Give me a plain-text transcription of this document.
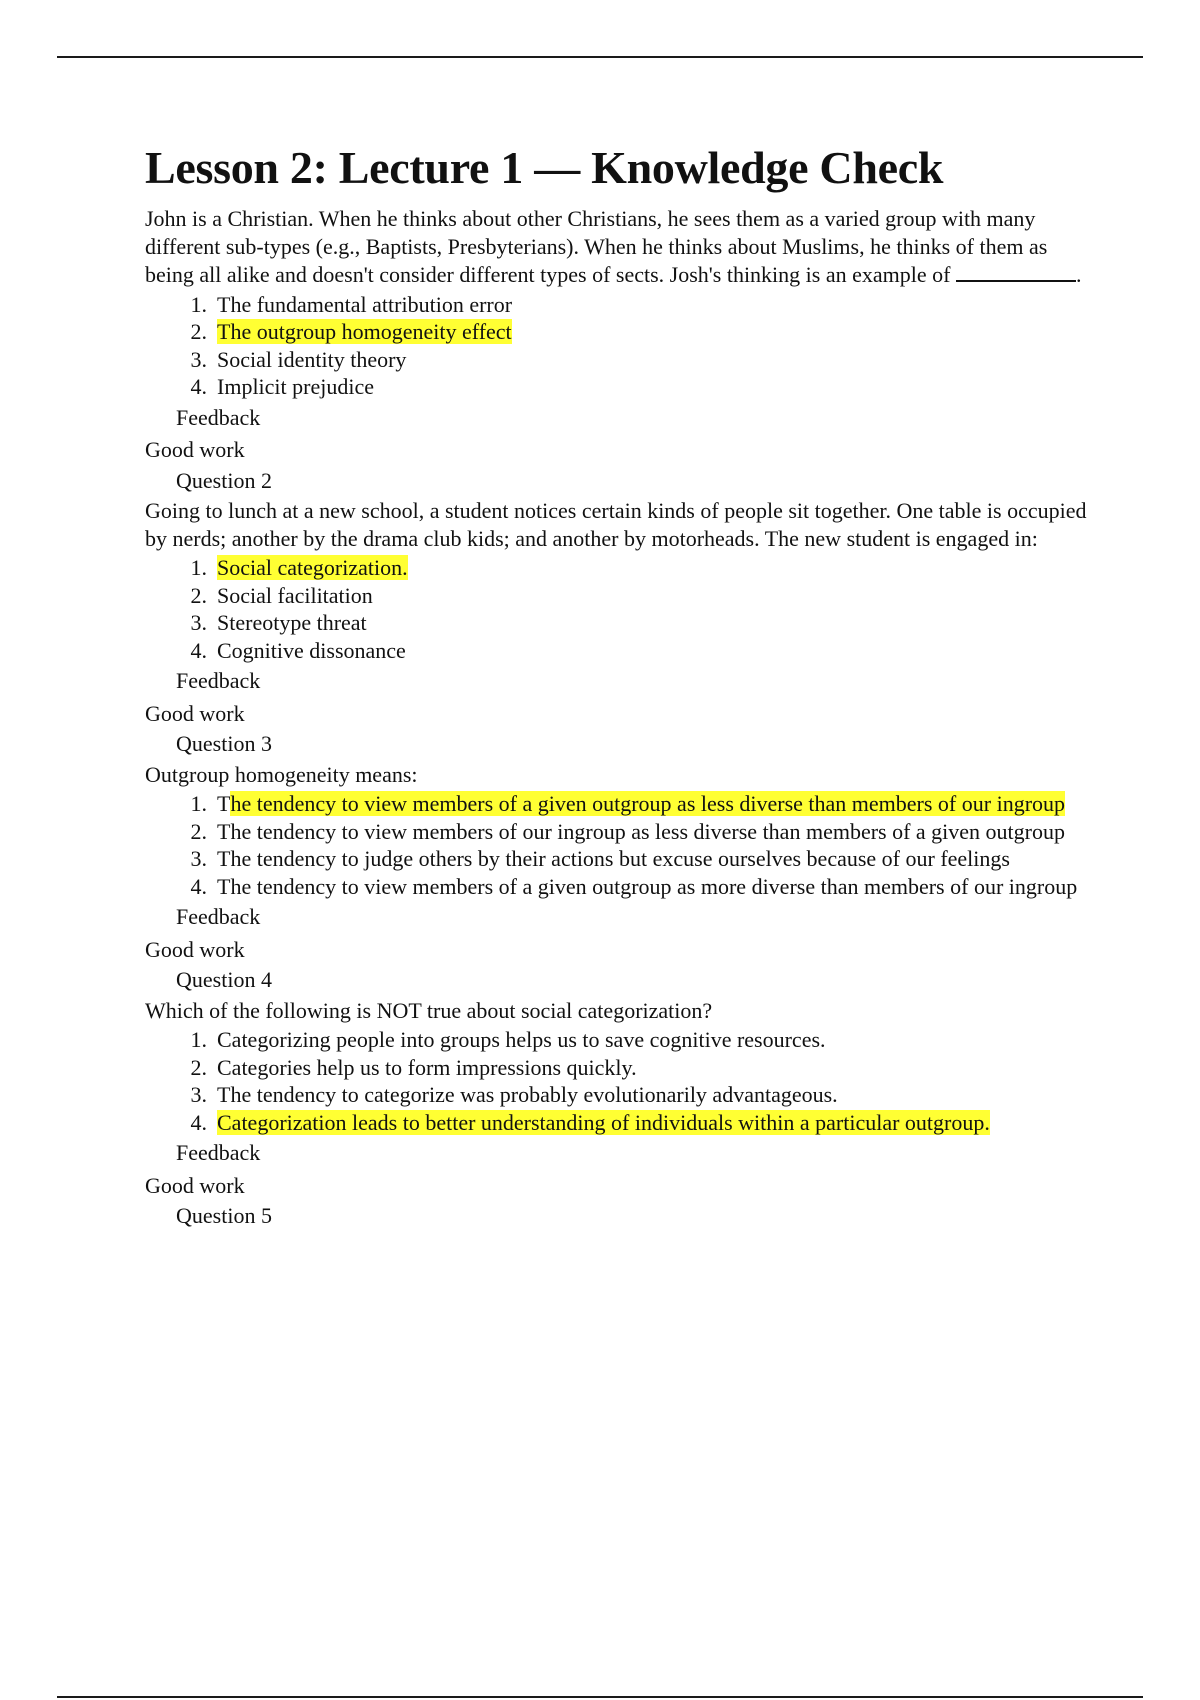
Lesson 2: Lecture 1 — Knowledge Check

John is a Christian. When he thinks about other Christians, he sees them as a varied group with many different sub-types (e.g., Baptists, Presbyterians). When he thinks about Muslims, he thinks of them as being all alike and doesn't consider different types of sects. Josh's thinking is an example of	.

1. The fundamental attribution error
2. The outgroup homogeneity effect
3. Social identity theory
4. Implicit prejudice
Feedback
Good work
Question 2

Going to lunch at a new school, a student notices certain kinds of people sit together. One table is occupied by nerds; another by the drama club kids; and another by motorheads. The new student is engaged in:

1. Social categorization.
2. Social facilitation
3. Stereotype threat
4. Cognitive dissonance
Feedback
Good work
Question 3

Outgroup homogeneity means:

1. The tendency to view members of a given outgroup as less diverse than members of our ingroup
2. The tendency to view members of our ingroup as less diverse than members of a given outgroup
3. The tendency to judge others by their actions but excuse ourselves because of our feelings
4. The tendency to view members of a given outgroup as more diverse than members of our ingroup
Feedback
Good work
Question 4

Which of the following is NOT true about social categorization?

1. Categorizing people into groups helps us to save cognitive resources.
2. Categories help us to form impressions quickly.
3. The tendency to categorize was probably evolutionarily advantageous.
4. Categorization leads to better understanding of individuals within a particular outgroup.
Feedback
Good work
Question 5
